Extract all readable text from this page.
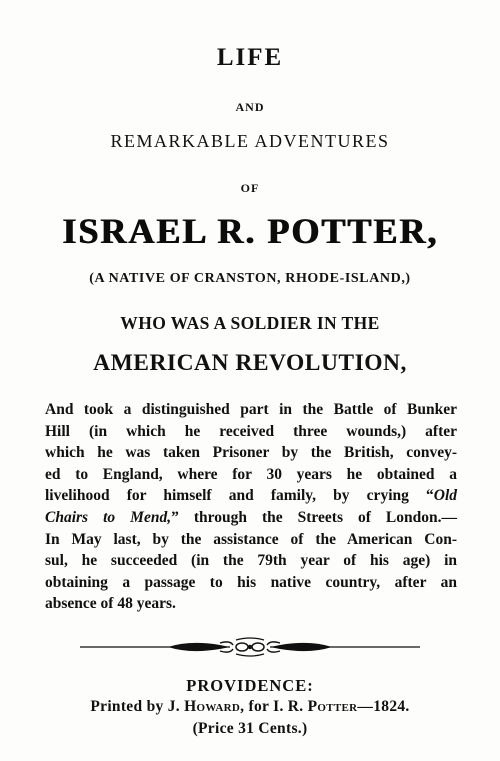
LIFE

AND

REMARKABLE ADVENTURES

OF

ISRAEL R. POTTER,

(A NATIVE OF CRANSTON, RHODE-ISLAND,)

WHO WAS A SOLDIER IN THE

AMERICAN REVOLUTION,

And took a distinguished part in the Battle of Bunker
Hill (in which he received three wounds,) after
which he was taken Prisoner by the British, convey-
ed to England, where for 30 years he obtained a
livelihood for himself and family, by crying “Old
Chairs to Mend,” through the Streets of London.—
In May last, by the assistance of the American Con-
sul, he succeeded (in the 79th year of his age) in
obtaining a passage to his native country, after an
absence of 48 years.

PROVIDENCE:

Printed by J. Howard, for I. R. Potter—1824.

(Price 31 Cents.)
